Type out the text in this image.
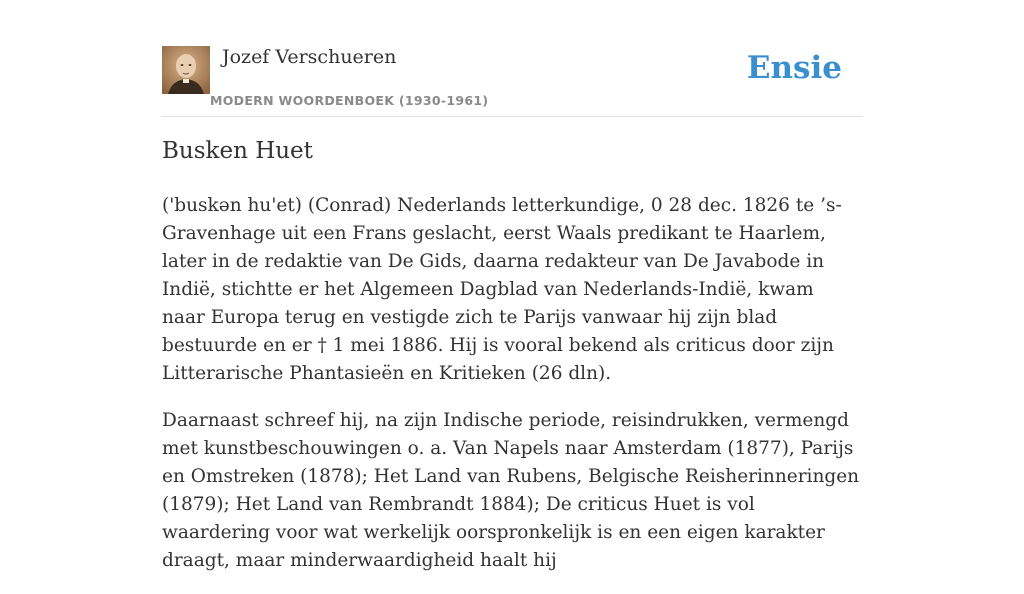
Jozef Verschueren
MODERN WOORDENBOEK (1930-1961)
Ensie
Busken Huet

('buskən hu'et) (Conrad) Nederlands letterkundige, 0 28 dec. 1826 te ’s-Gravenhage uit een Frans geslacht, eerst Waals predikant te Haarlem, later in de redaktie van De Gids, daarna redakteur van De Javabode in Indië, stichtte er het Algemeen Dagblad van Nederlands-Indië, kwam naar Europa terug en vestigde zich te Parijs vanwaar hij zijn blad bestuurde en er † 1 mei 1886. Hij is vooral bekend als criticus door zijn Litterarische Phantasieën en Kritieken (26 dln).

Daarnaast schreef hij, na zijn Indische periode, reisindrukken, vermengd met kunstbeschouwingen o. a. Van Napels naar Amsterdam (1877), Parijs en Omstreken (1878); Het Land van Rubens, Belgische Reisherinneringen (1879); Het Land van Rembrandt 1884); De criticus Huet is vol waardering voor wat werkelijk oorspronkelijk is en een eigen karakter draagt, maar minderwaardigheid haalt hij
